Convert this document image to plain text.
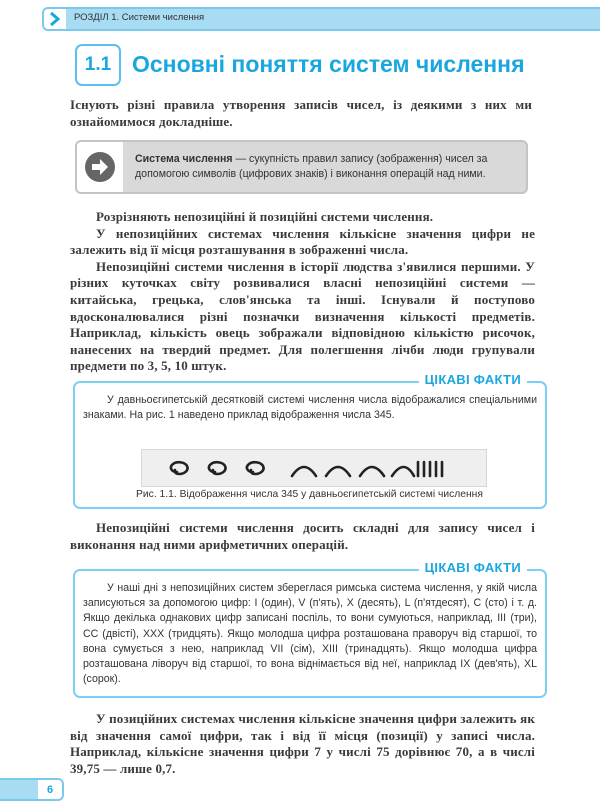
РОЗДІЛ 1. Системи числення
1.1 Основні поняття систем числення

Існують різні правила утворення записів чисел, із деякими з них ми ознайомимося докладніше.

Система числення — сукупність правил запису (зображення) чисел за допомогою символів (цифрових знаків) і виконання операцій над ними.

Розрізняють непозиційні й позиційні системи числення.

У непозиційних системах числення кількісне значення цифри не залежить від її місця розташування в зображенні числа.

Непозиційні системи числення в історії людства з'явилися першими. У різних куточках світу розвивалися власні непозиційні системи — китайська, грецька, слов'янська та інші. Існували й поступово вдосконалювалися різні позначки визначення кількості предметів. Наприклад, кількість овець зображали відповідною кількістю рисочок, нанесених на твердий предмет. Для полегшення лічби люди групували предмети по 3, 5, 10 штук.

ЦІКАВІ ФАКТИ

У давньоєгипетській десятковій системі числення числа відображалися спеціальними знаками. На рис. 1 наведено приклад відображення числа 345.

Рис. 1.1. Відображення числа 345 у давньоєгипетській системі числення

Непозиційні системи числення досить складні для запису чисел і виконання над ними арифметичних операцій.

ЦІКАВІ ФАКТИ

У наші дні з непозиційних систем збереглася римська система числення, у якій числа записуються за допомогою цифр: I (один), V (п'ять), X (десять), L (п'ятдесят), C (сто) і т. д. Якщо декілька однакових цифр записані поспіль, то вони сумуються, наприклад, III (три), CC (двісті), XXX (тридцять). Якщо молодша цифра розташована праворуч від старшої, то вона сумується з нею, наприклад VII (сім), XIII (тринадцять). Якщо молодша цифра розташована ліворуч від старшої, то вона віднімається від неї, наприклад IX (дев'ять), XL (сорок).

У позиційних системах числення кількісне значення цифри залежить як від значення самої цифри, так і від її місця (позиції) у записі числа. Наприклад, кількісне значення цифри 7 у числі 75 дорівнює 70, а в числі 39,75 — лише 0,7.

6
